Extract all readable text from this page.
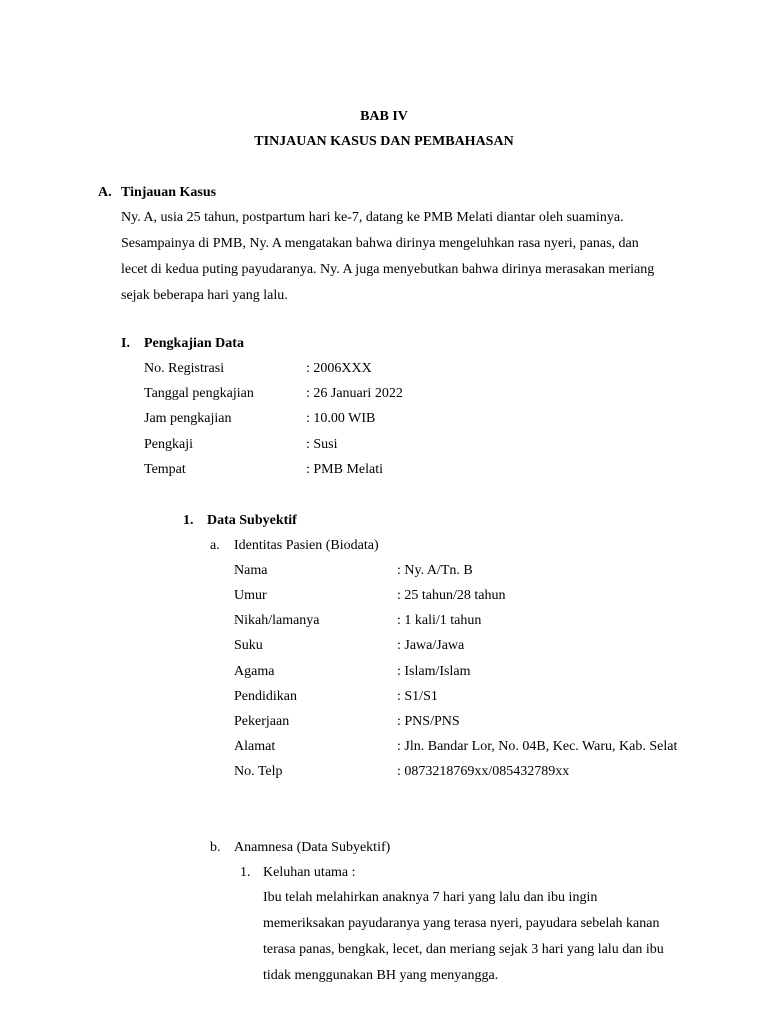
BAB IV
TINJAUAN KASUS DAN PEMBAHASAN
A. Tinjauan Kasus
Ny. A, usia 25 tahun, postpartum hari ke-7, datang ke PMB Melati diantar oleh suaminya.
Sesampainya di PMB, Ny. A mengatakan bahwa dirinya mengeluhkan rasa nyeri, panas, dan
lecet di kedua puting payudaranya. Ny. A juga menyebutkan bahwa dirinya merasakan meriang
sejak beberapa hari yang lalu.
I. Pengkajian Data
No. Registrasi	: 2006XXX
Tanggal pengkajian	: 26 Januari 2022
Jam pengkajian	: 10.00 WIB
Pengkaji	: Susi
Tempat	: PMB Melati
1. Data Subyektif
a. Identitas Pasien (Biodata)
Nama	: Ny. A/Tn. B
Umur	: 25 tahun/28 tahun
Nikah/lamanya	: 1 kali/1 tahun
Suku	: Jawa/Jawa
Agama	: Islam/Islam
Pendidikan	: S1/S1
Pekerjaan	: PNS/PNS
Alamat	: Jln. Bandar Lor, No. 04B, Kec. Waru, Kab. Selat
No. Telp	: 0873218769xx/085432789xx
b. Anamnesa (Data Subyektif)
1. Keluhan utama :
Ibu telah melahirkan anaknya 7 hari yang lalu dan ibu ingin
memeriksakan payudaranya yang terasa nyeri, payudara sebelah kanan
terasa panas, bengkak, lecet, dan meriang sejak 3 hari yang lalu dan ibu
tidak menggunakan BH yang menyangga.
